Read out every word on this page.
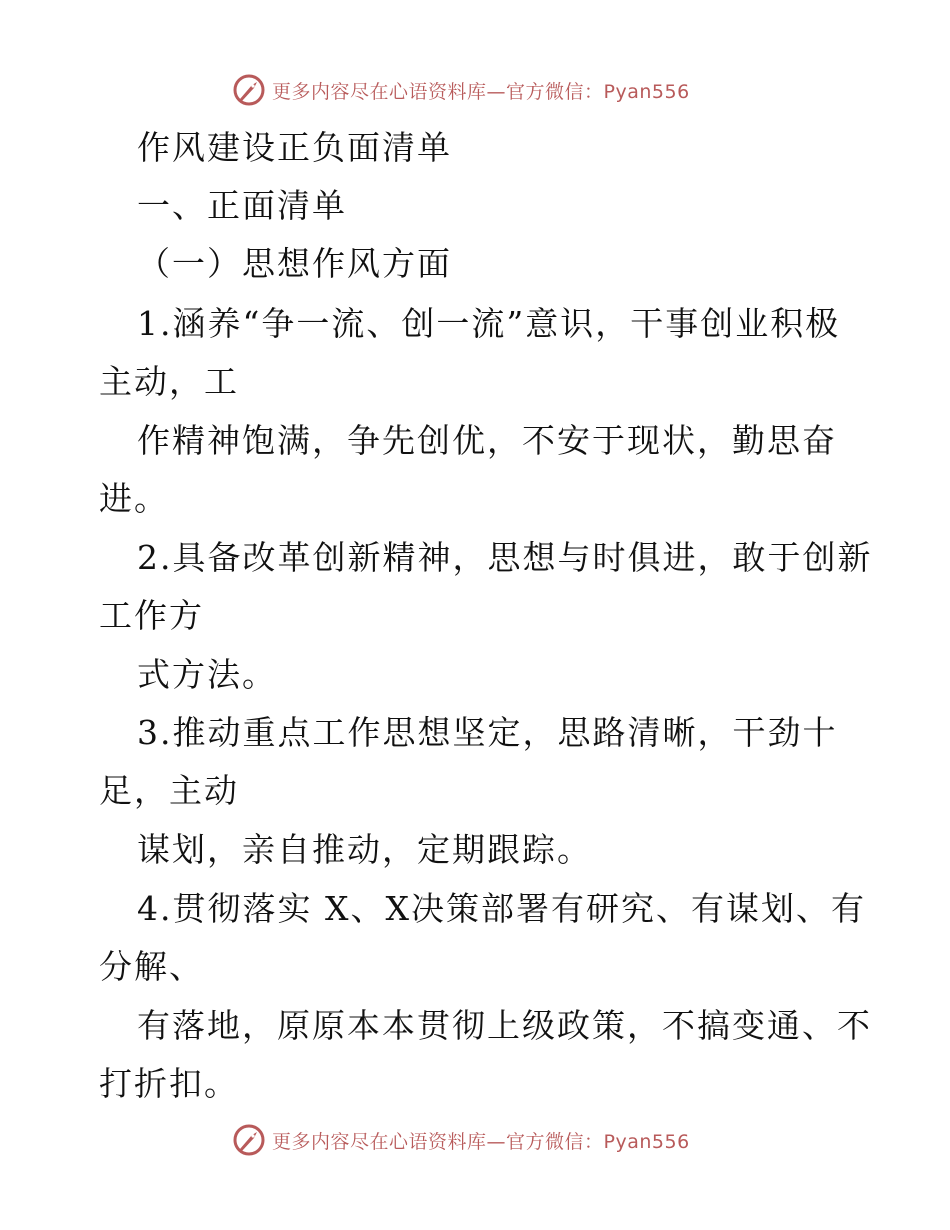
更多内容尽在心语资料库—官方微信：Pyan556
作风建设正负面清单
一、正面清单
（一）思想作风方面
1.涵养“争一流、创一流”意识，干事创业积极
主动，工
作精神饱满，争先创优，不安于现状，勤思奋
进。
2.具备改革创新精神，思想与时俱进，敢于创新
工作方
式方法。
3.推动重点工作思想坚定，思路清晰，干劲十
足，主动
谋划，亲自推动，定期跟踪。
4.贯彻落实 X、X决策部署有研究、有谋划、有
分解、
有落地，原原本本贯彻上级政策，不搞变通、不
打折扣。
更多内容尽在心语资料库—官方微信：Pyan556
